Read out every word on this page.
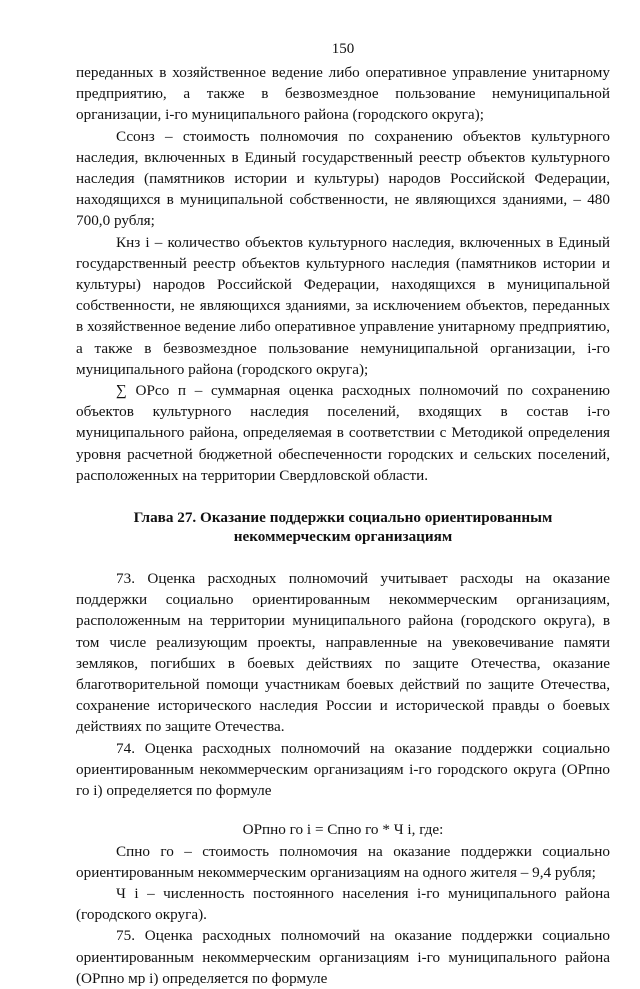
150

переданных в хозяйственное ведение либо оперативное управление унитарному предприятию, а также в безвозмездное пользование немуниципальной организации, i-го муниципального района (городского округа);

Ссонз – стоимость полномочия по сохранению объектов культурного наследия, включенных в Единый государственный реестр объектов культурного наследия (памятников истории и культуры) народов Российской Федерации, находящихся в муниципальной собственности, не являющихся зданиями, – 480 700,0 рубля;

Кнз i – количество объектов культурного наследия, включенных в Единый государственный реестр объектов культурного наследия (памятников истории и культуры) народов Российской Федерации, находящихся в муниципальной собственности, не являющихся зданиями, за исключением объектов, переданных в хозяйственное ведение либо оперативное управление унитарному предприятию, а также в безвозмездное пользование немуниципальной организации, i-го муниципального района (городского округа);

∑ ОРсо п – суммарная оценка расходных полномочий по сохранению объектов культурного наследия поселений, входящих в состав i-го муниципального района, определяемая в соответствии с Методикой определения уровня расчетной бюджетной обеспеченности городских и сельских поселений, расположенных на территории Свердловской области.

Глава 27. Оказание поддержки социально ориентированным некоммерческим организациям

73. Оценка расходных полномочий учитывает расходы на оказание поддержки социально ориентированным некоммерческим организациям, расположенным на территории муниципального района (городского округа), в том числе реализующим проекты, направленные на увековечивание памяти земляков, погибших в боевых действиях по защите Отечества, оказание благотворительной помощи участникам боевых действий по защите Отечества, сохранение исторического наследия России и исторической правды о боевых действиях по защите Отечества.

74. Оценка расходных полномочий на оказание поддержки социально ориентированным некоммерческим организациям i-го городского округа (ОРпно го i) определяется по формуле

ОРпно го i = Спно го * Ч i, где:

Спно го – стоимость полномочия на оказание поддержки социально ориентированным некоммерческим организациям на одного жителя – 9,4 рубля;

Ч i – численность постоянного населения i-го муниципального района (городского округа).

75. Оценка расходных полномочий на оказание поддержки социально ориентированным некоммерческим организациям i-го муниципального района (ОРпно мр i) определяется по формуле
